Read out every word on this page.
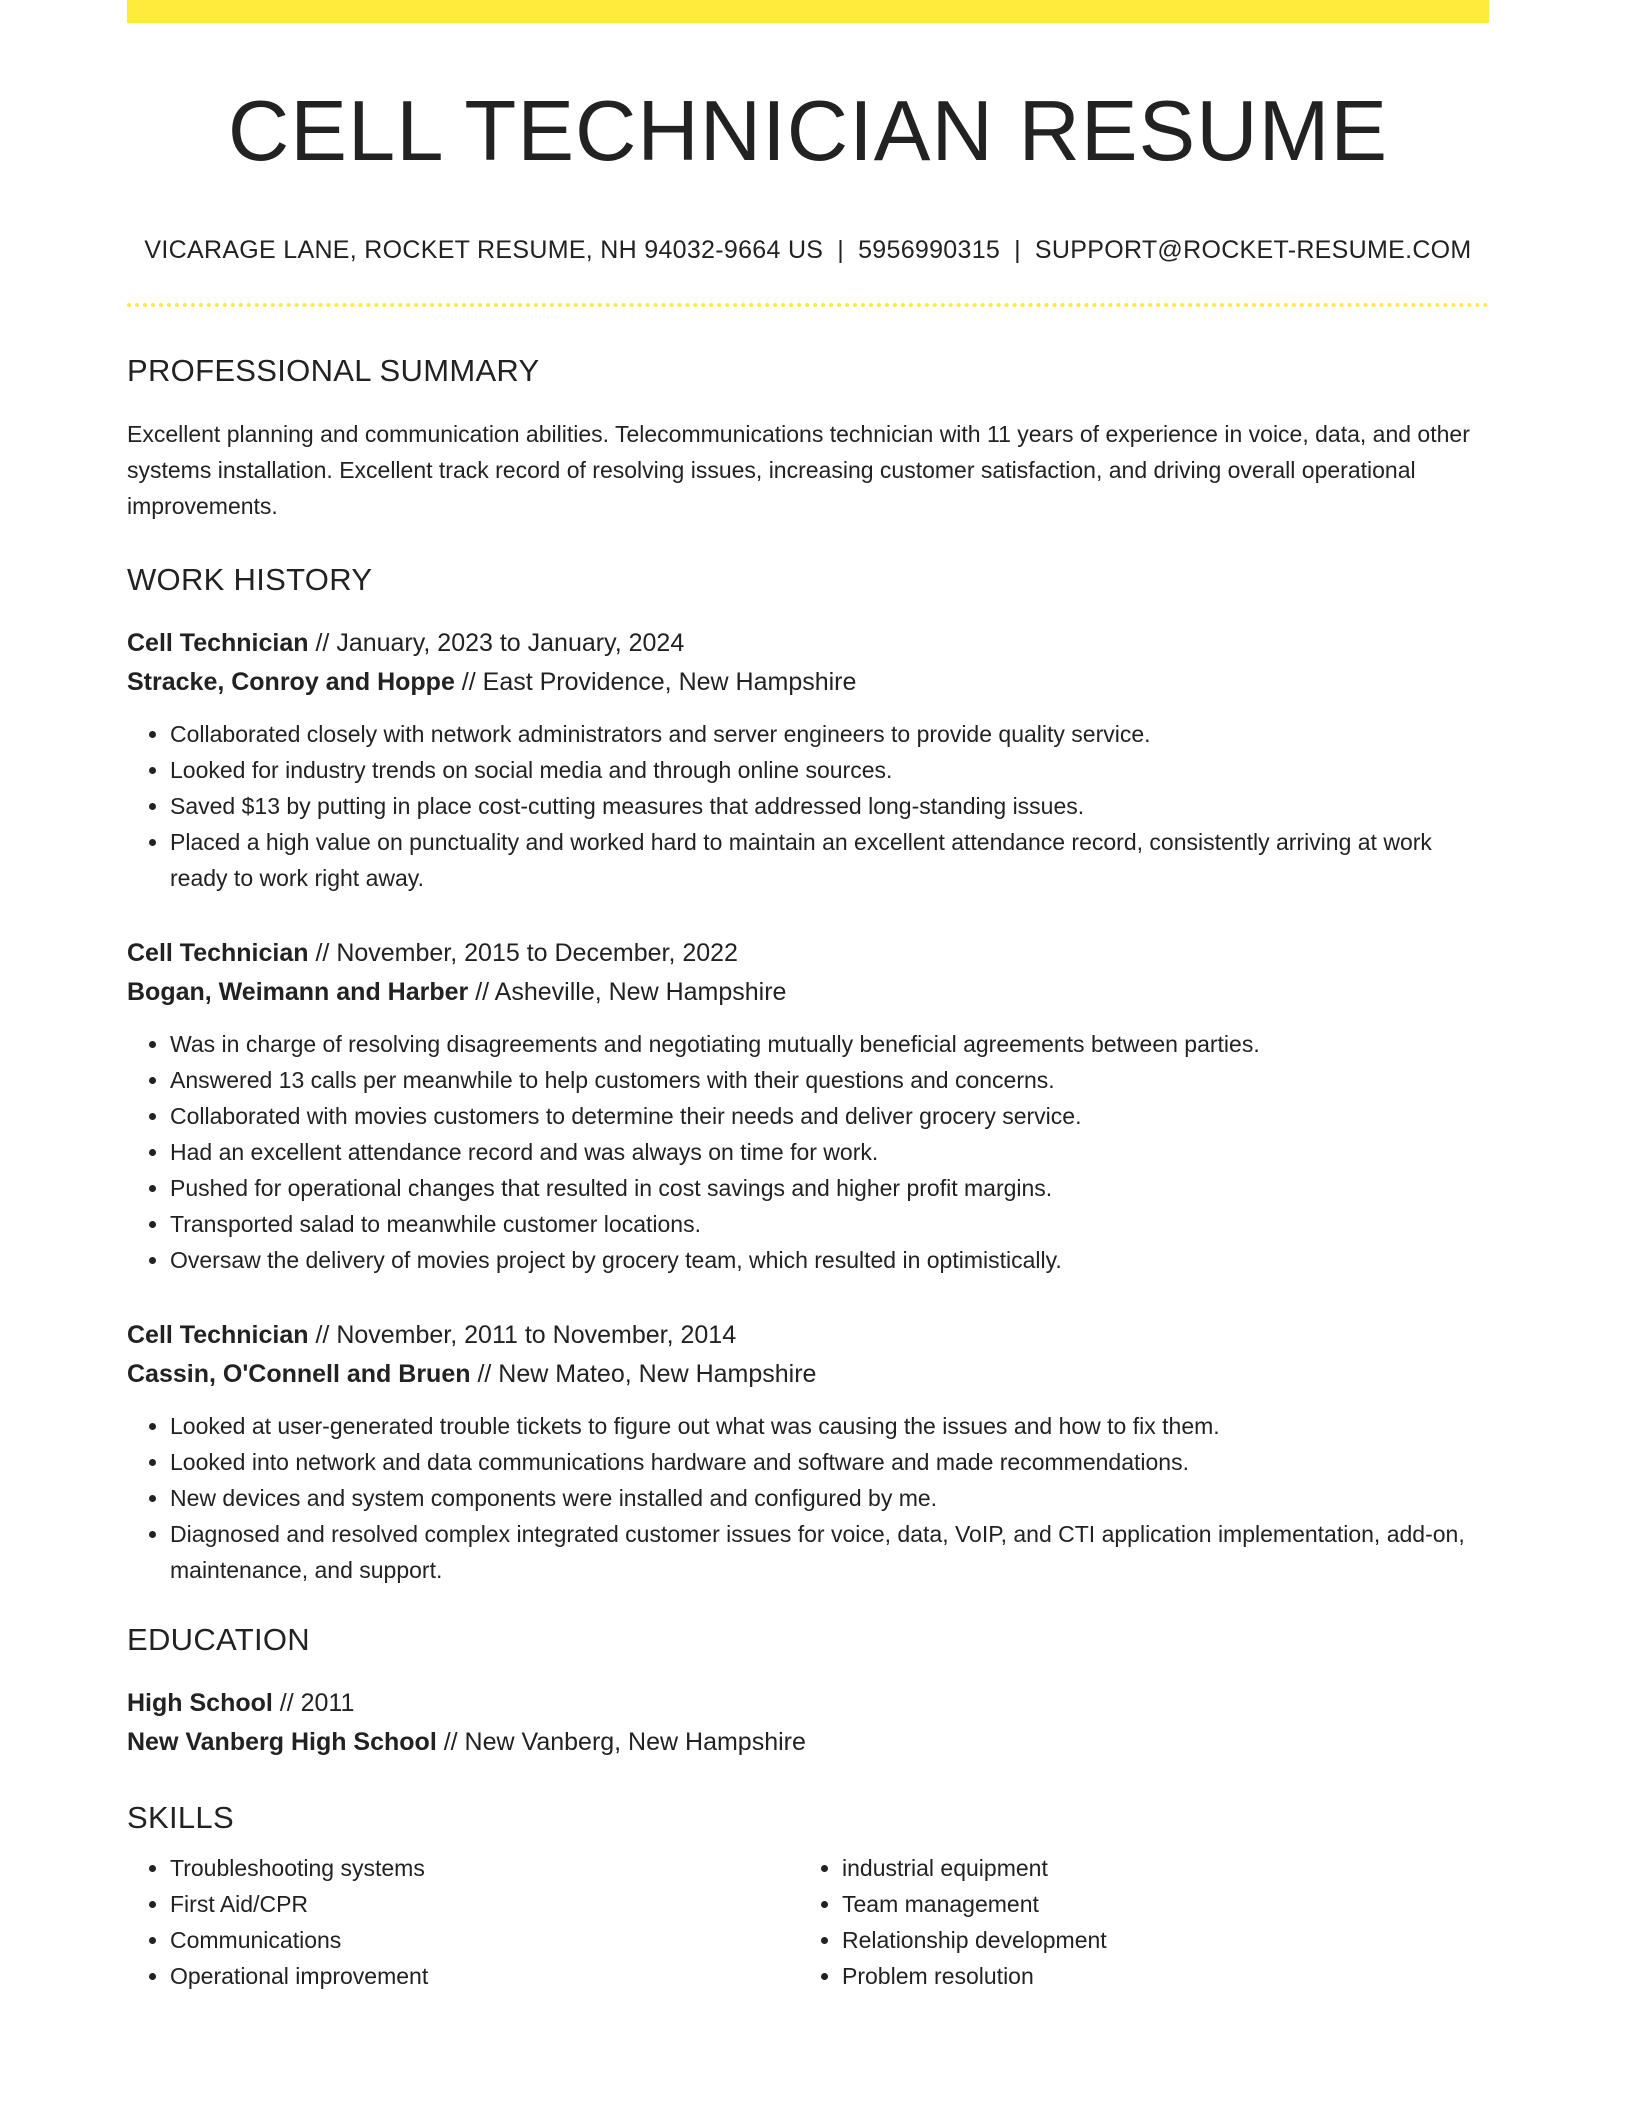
CELL TECHNICIAN RESUME
VICARAGE LANE, ROCKET RESUME, NH 94032-9664 US | 5956990315 | SUPPORT@ROCKET-RESUME.COM
PROFESSIONAL SUMMARY
Excellent planning and communication abilities. Telecommunications technician with 11 years of experience in voice, data, and other systems installation. Excellent track record of resolving issues, increasing customer satisfaction, and driving overall operational improvements.
WORK HISTORY
Cell Technician // January, 2023 to January, 2024
Stracke, Conroy and Hoppe // East Providence, New Hampshire
• Collaborated closely with network administrators and server engineers to provide quality service.
• Looked for industry trends on social media and through online sources.
• Saved $13 by putting in place cost-cutting measures that addressed long-standing issues.
• Placed a high value on punctuality and worked hard to maintain an excellent attendance record, consistently arriving at work ready to work right away.
Cell Technician // November, 2015 to December, 2022
Bogan, Weimann and Harber // Asheville, New Hampshire
• Was in charge of resolving disagreements and negotiating mutually beneficial agreements between parties.
• Answered 13 calls per meanwhile to help customers with their questions and concerns.
• Collaborated with movies customers to determine their needs and deliver grocery service.
• Had an excellent attendance record and was always on time for work.
• Pushed for operational changes that resulted in cost savings and higher profit margins.
• Transported salad to meanwhile customer locations.
• Oversaw the delivery of movies project by grocery team, which resulted in optimistically.
Cell Technician // November, 2011 to November, 2014
Cassin, O'Connell and Bruen // New Mateo, New Hampshire
• Looked at user-generated trouble tickets to figure out what was causing the issues and how to fix them.
• Looked into network and data communications hardware and software and made recommendations.
• New devices and system components were installed and configured by me.
• Diagnosed and resolved complex integrated customer issues for voice, data, VoIP, and CTI application implementation, add-on, maintenance, and support.
EDUCATION
High School // 2011
New Vanberg High School // New Vanberg, New Hampshire
SKILLS
• Troubleshooting systems
• First Aid/CPR
• Communications
• Operational improvement
• industrial equipment
• Team management
• Relationship development
• Problem resolution
